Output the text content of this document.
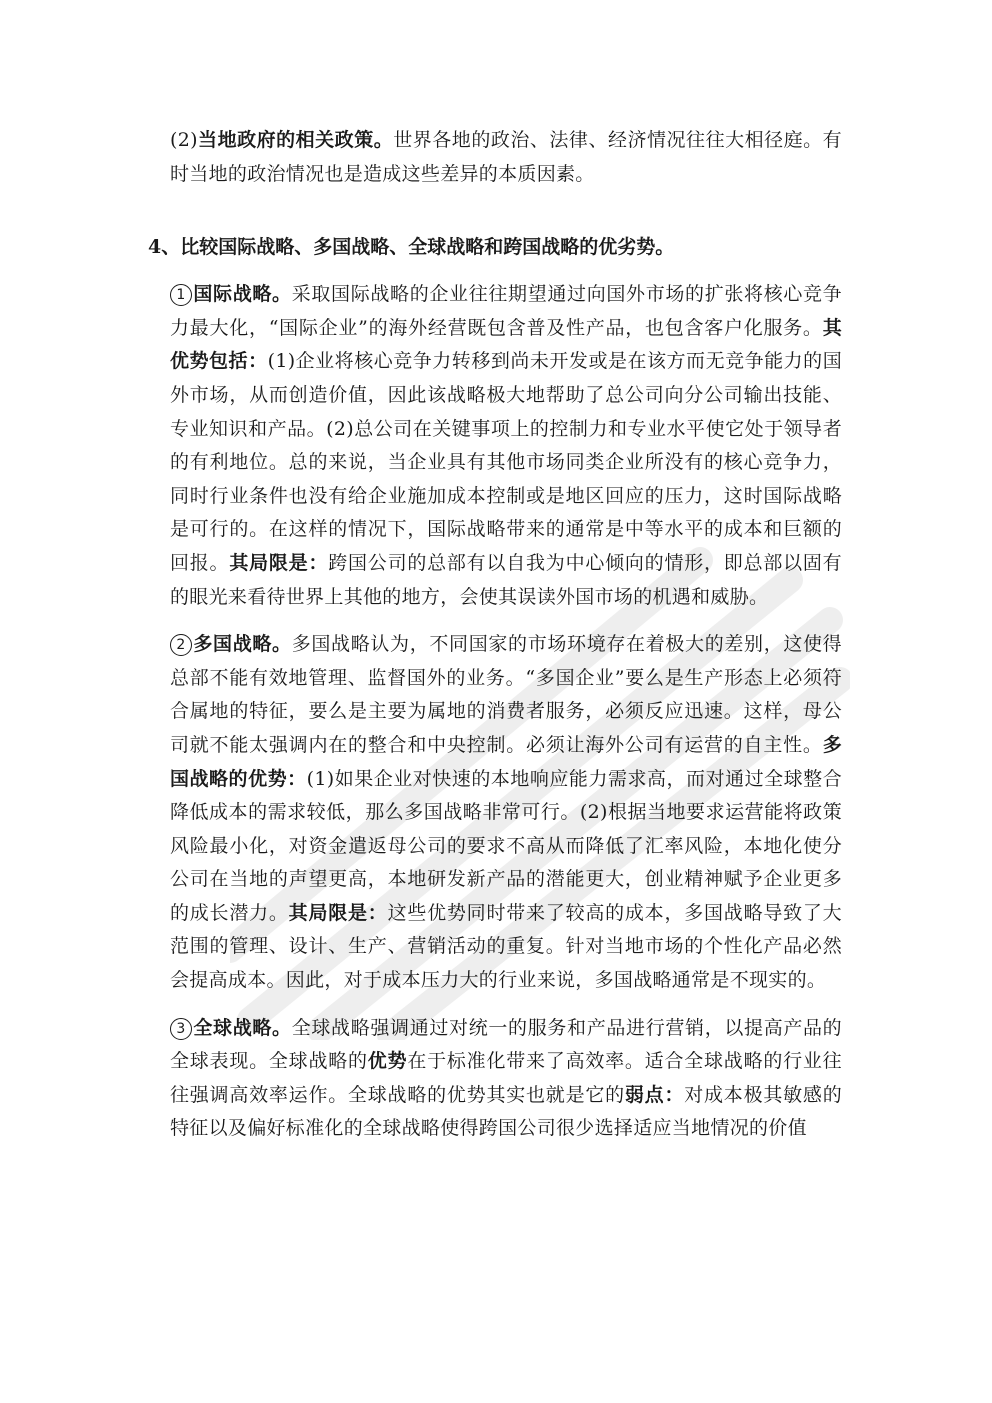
(2)当地政府的相关政策。世界各地的政治、法律、经济情况往往大相径庭。有时当地的政治情况也是造成这些差异的本质因素。

4、比较国际战略、多国战略、全球战略和跨国战略的优劣势。

1 国际战略。采取国际战略的企业往往期望通过向国外市场的扩张将核心竞争力最大化，“国际企业”的海外经营既包含普及性产品，也包含客户化服务。其优势包括：(1)企业将核心竞争力转移到尚未开发或是在该方而无竞争能力的国外市场，从而创造价值，因此该战略极大地帮助了总公司向分公司输出技能、专业知识和产品。(2)总公司在关键事项上的控制力和专业水平使它处于领导者的有利地位。总的来说，当企业具有其他市场同类企业所没有的核心竞争力，同时行业条件也没有给企业施加成本控制或是地区回应的压力，这时国际战略是可行的。在这样的情况下，国际战略带来的通常是中等水平的成本和巨额的回报。其局限是：跨国公司的总部有以自我为中心倾向的情形，即总部以固有的眼光来看待世界上其他的地方，会使其误读外国市场的机遇和威胁。

2 多国战略。多国战略认为，不同国家的市场环境存在着极大的差别，这使得总部不能有效地管理、监督国外的业务。“多国企业”要么是生产形态上必须符合属地的特征，要么是主要为属地的消费者服务，必须反应迅速。这样，母公司就不能太强调内在的整合和中央控制。必须让海外公司有运营的自主性。多国战略的优势：(1)如果企业对快速的本地响应能力需求高，而对通过全球整合降低成本的需求较低，那么多国战略非常可行。(2)根据当地要求运营能将政策风险最小化，对资金遣返母公司的要求不高从而降低了汇率风险，本地化使分公司在当地的声望更高，本地研发新产品的潜能更大，创业精神赋予企业更多的成长潜力。其局限是：这些优势同时带来了较高的成本，多国战略导致了大范围的管理、设计、生产、营销活动的重复。针对当地市场的个性化产品必然会提高成本。因此，对于成本压力大的行业来说，多国战略通常是不现实的。

3 全球战略。全球战略强调通过对统一的服务和产品进行营销，以提高产品的全球表现。全球战略的优势在于标准化带来了高效率。适合全球战略的行业往往强调高效率运作。全球战略的优势其实也就是它的弱点：对成本极其敏感的特征以及偏好标准化的全球战略使得跨国公司很少选择适应当地情况的价值
